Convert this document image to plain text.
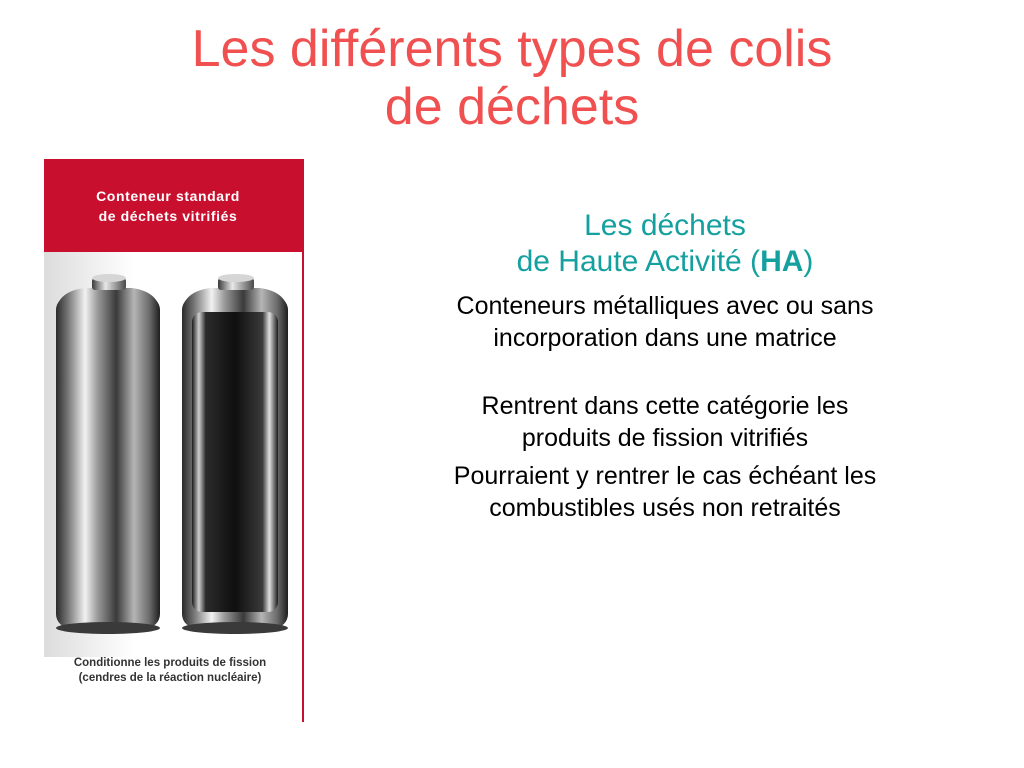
Les différents types de colis
de déchets
Conteneur standard
de déchets vitrifiés
Conditionne les produits de fission
(cendres de la réaction nucléaire)
Les déchets
de Haute Activité (HA)

Conteneurs métalliques avec ou sans
incorporation dans une matrice

Rentrent dans cette catégorie les
produits de fission vitrifiés

Pourraient y rentrer le cas échéant les
combustibles usés non retraités
